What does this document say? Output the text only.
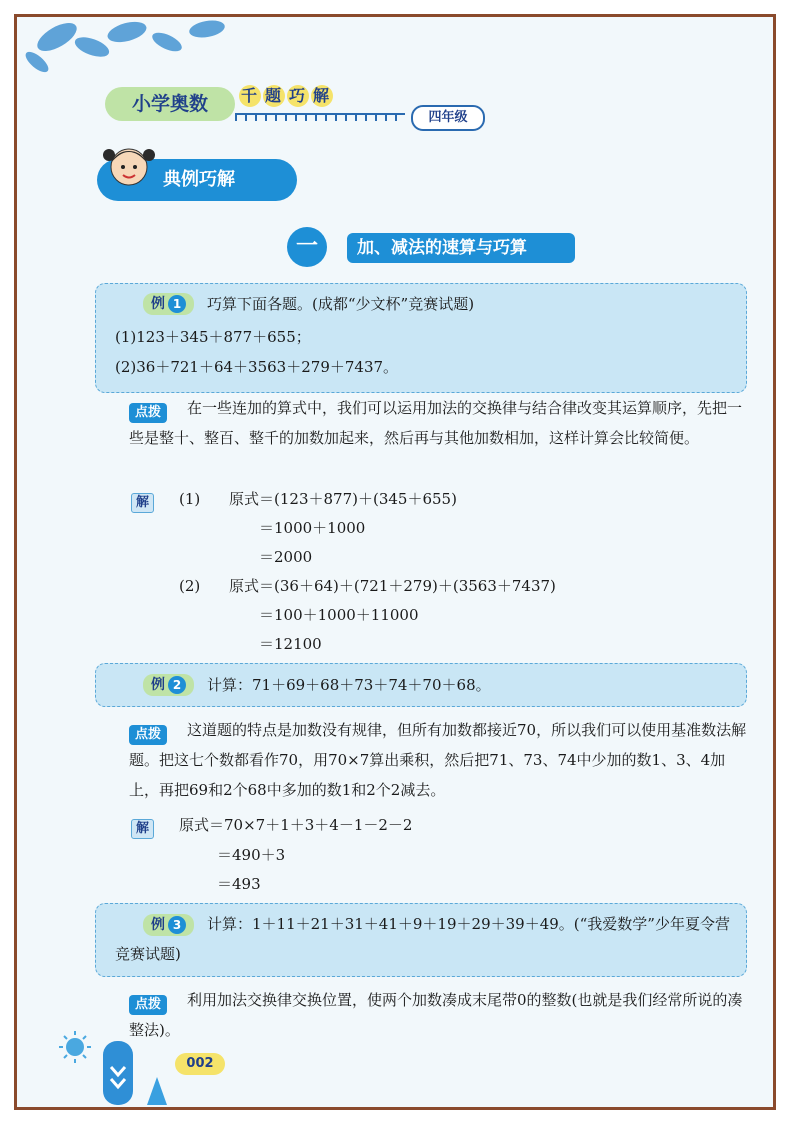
小学奥数	千 题 巧 解
四年级
典例巧解
一	加、减法的速算与巧算
例 1	巧算下面各题。(成都“少文杯”竞赛试题)
(1)123＋345＋877＋655；
(2)36＋721＋64＋3563＋279＋7437。
点拨	在一些连加的算式中，我们可以运用加法的交换律与结合律改变其运算顺序，先把一些是整十、整百、整千的加数加起来，然后再与其他加数相加，这样计算会比较简便。
解	(1) 原式＝(123＋877)＋(345＋655)
＝1000＋1000
＝2000
(2) 原式＝(36＋64)＋(721＋279)＋(3563＋7437)
＝100＋1000＋11000
＝12100
例 2	计算：71＋69＋68＋73＋74＋70＋68。
点拨	这道题的特点是加数没有规律，但所有加数都接近70，所以我们可以使用基准数法解题。把这七个数都看作70，用70×7算出乘积，然后把71、73、74中少加的数1、3、4加上，再把69和2个68中多加的数1和2个2减去。
解	原式＝70×7＋1＋3＋4－1－2－2
＝490＋3
＝493
例 3	计算：1＋11＋21＋31＋41＋9＋19＋29＋39＋49。(“我爱数学”少年夏令营竞赛试题)
点拨	利用加法交换律交换位置，使两个加数凑成末尾带0的整数(也就是我们经常所说的凑整法)。
002
